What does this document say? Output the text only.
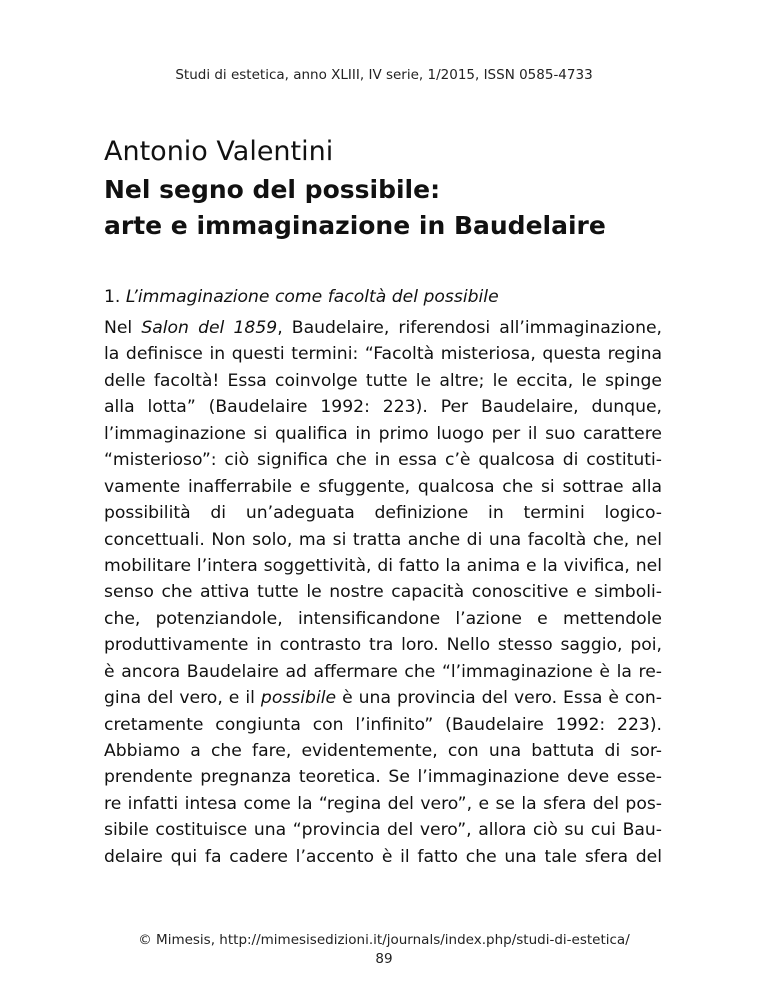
Studi di estetica, anno XLIII, IV serie, 1/2015, ISSN 0585-4733
Antonio Valentini
Nel segno del possibile:
arte e immaginazione in Baudelaire
1. L’immaginazione come facoltà del possibile
Nel Salon del 1859, Baudelaire, riferendosi all’immaginazione,
la definisce in questi termini: “Facoltà misteriosa, questa regina
delle facoltà! Essa coinvolge tutte le altre; le eccita, le spinge
alla lotta” (Baudelaire 1992: 223). Per Baudelaire, dunque,
l’immaginazione si qualifica in primo luogo per il suo carattere
“misterioso”: ciò significa che in essa c’è qualcosa di costituti-
vamente inafferrabile e sfuggente, qualcosa che si sottrae alla
possibilità di un’adeguata definizione in termini logico-
concettuali. Non solo, ma si tratta anche di una facoltà che, nel
mobilitare l’intera soggettività, di fatto la anima e la vivifica, nel
senso che attiva tutte le nostre capacità conoscitive e simboli-
che, potenziandole, intensificandone l’azione e mettendole
produttivamente in contrasto tra loro. Nello stesso saggio, poi,
è ancora Baudelaire ad affermare che “l’immaginazione è la re-
gina del vero, e il possibile è una provincia del vero. Essa è con-
cretamente congiunta con l’infinito” (Baudelaire 1992: 223).
Abbiamo a che fare, evidentemente, con una battuta di sor-
prendente pregnanza teoretica. Se l’immaginazione deve esse-
re infatti intesa come la “regina del vero”, e se la sfera del pos-
sibile costituisce una “provincia del vero”, allora ciò su cui Bau-
delaire qui fa cadere l’accento è il fatto che una tale sfera del
© Mimesis, http://mimesisedizioni.it/journals/index.php/studi-di-estetica/
89
